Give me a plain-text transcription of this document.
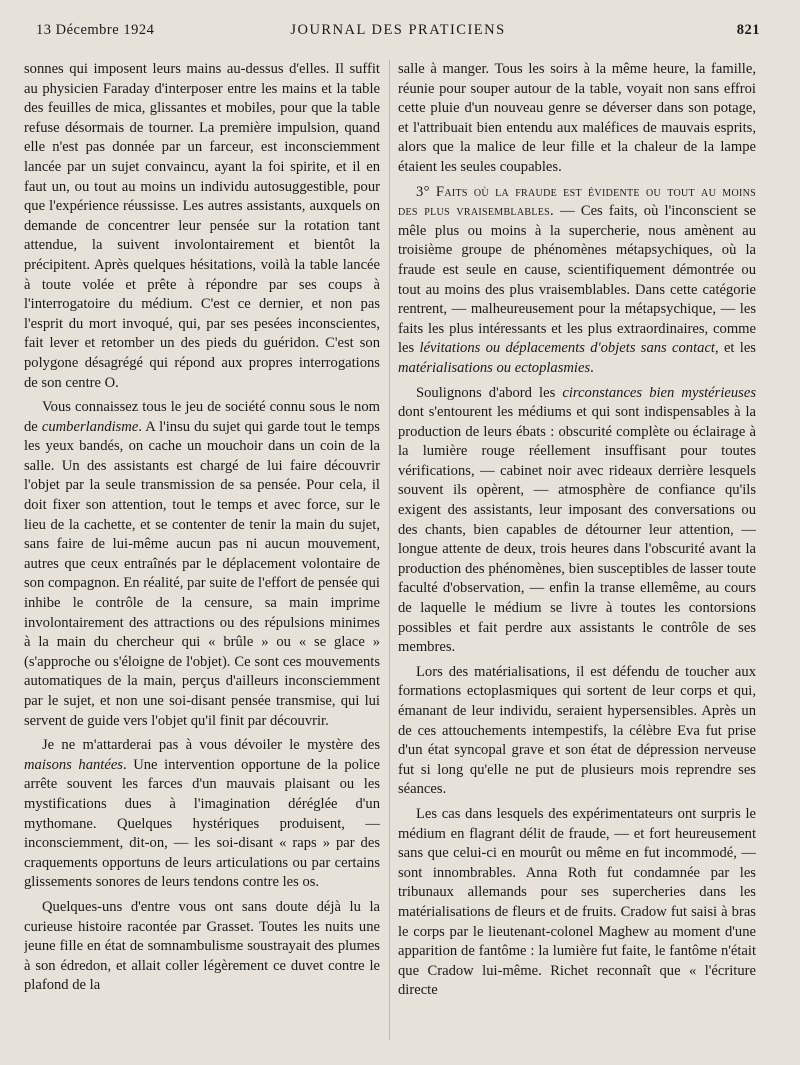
13 Décembre 1924	JOURNAL DES PRATICIENS	821

sonnes qui imposent leurs mains au-dessus d'elles. Il suffit au physicien Faraday d'interposer entre les mains et la table des feuilles de mica, glissantes et mobiles, pour que la table refuse désormais de tourner. La première impulsion, quand elle n'est pas donnée par un farceur, est inconsciemment lancée par un sujet convaincu, ayant la foi spirite, et il en faut un, ou tout au moins un individu autosuggestible, pour que l'expérience réussisse. Les autres assistants, auxquels on demande de concentrer leur pensée sur la rotation tant attendue, la suivent involontairement et bientôt la précipitent. Après quelques hésitations, voilà la table lancée à toute volée et prête à répondre par ses coups à l'interrogatoire du médium. C'est ce dernier, et non pas l'esprit du mort invoqué, qui, par ses pesées inconscientes, fait lever et retomber un des pieds du guéridon. C'est son polygone désagrégé qui répond aux propres interrogations de son centre O.

Vous connaissez tous le jeu de société connu sous le nom de cumberlandisme. A l'insu du sujet qui garde tout le temps les yeux bandés, on cache un mouchoir dans un coin de la salle. Un des assistants est chargé de lui faire découvrir l'objet par la seule transmission de sa pensée. Pour cela, il doit fixer son attention, tout le temps et avec force, sur le lieu de la cachette, et se contenter de tenir la main du sujet, sans faire de lui-même aucun pas ni aucun mouvement, autres que ceux entraînés par le déplacement volontaire de son compagnon. En réalité, par suite de l'effort de pensée qui inhibe le contrôle de la censure, sa main imprime involontairement des attractions ou des répulsions minimes à la main du chercheur qui « brûle » ou « se glace » (s'approche ou s'éloigne de l'objet). Ce sont ces mouvements automatiques de la main, perçus d'ailleurs inconsciemment par le sujet, et non une soi-disant pensée transmise, qui lui servent de guide vers l'objet qu'il finit par découvrir.

Je ne m'attarderai pas à vous dévoiler le mystère des maisons hantées. Une intervention opportune de la police arrête souvent les farces d'un mauvais plaisant ou les mystifications dues à l'imagination déréglée d'un mythomane. Quelques hystériques produisent, — inconsciemment, dit-on, — les soi-disant « raps » par des craquements opportuns de leurs articulations ou par certains glissements sonores de leurs tendons contre les os.

Quelques-uns d'entre vous ont sans doute déjà lu la curieuse histoire racontée par Grasset. Toutes les nuits une jeune fille en état de somnambulisme soustrayait des plumes à son édredon, et allait coller légèrement ce duvet contre le plafond de la

salle à manger. Tous les soirs à la même heure, la famille, réunie pour souper autour de la table, voyait non sans effroi cette pluie d'un nouveau genre se déverser dans son potage, et l'attribuait bien entendu aux maléfices de mauvais esprits, alors que la malice de leur fille et la chaleur de la lampe étaient les seules coupables.

3° Faits où la fraude est évidente ou tout au moins des plus vraisemblables. — Ces faits, où l'inconscient se mêle plus ou moins à la supercherie, nous amènent au troisième groupe de phénomènes métapsychiques, où la fraude est seule en cause, scientifiquement démontrée ou tout au moins des plus vraisemblables. Dans cette catégorie rentrent, — malheureusement pour la métapsychique, — les faits les plus intéressants et les plus extraordinaires, comme les lévitations ou déplacements d'objets sans contact, et les matérialisations ou ectoplasmies.

Soulignons d'abord les circonstances bien mystérieuses dont s'entourent les médiums et qui sont indispensables à la production de leurs ébats : obscurité complète ou éclairage à la lumière rouge réellement insuffisant pour toutes vérifications, — cabinet noir avec rideaux derrière lesquels souvent ils opèrent, — atmosphère de confiance qu'ils exigent des assistants, leur imposant des conversations ou des chants, bien capables de détourner leur attention, — longue attente de deux, trois heures dans l'obscurité avant la production des phénomènes, bien susceptibles de lasser toute faculté d'observation, — enfin la transe ellemême, au cours de laquelle le médium se livre à toutes les contorsions possibles et fait perdre aux assistants le contrôle de ses membres.

Lors des matérialisations, il est défendu de toucher aux formations ectoplasmiques qui sortent de leur corps et qui, émanant de leur individu, seraient hypersensibles. Après un de ces attouchements intempestifs, la célèbre Eva fut prise d'un état syncopal grave et son état de dépression nerveuse fut si long qu'elle ne put de plusieurs mois reprendre ses séances.

Les cas dans lesquels des expérimentateurs ont surpris le médium en flagrant délit de fraude, — et fort heureusement sans que celui-ci en mourût ou même en fut incommodé, — sont innombrables. Anna Roth fut condamnée par les tribunaux allemands pour ses supercheries dans les matérialisations de fleurs et de fruits. Cradow fut saisi à bras le corps par le lieutenant-colonel Maghew au moment d'une apparition de fantôme : la lumière fut faite, le fantôme n'était que Cradow lui-même. Richet reconnaît que « l'écriture directe
